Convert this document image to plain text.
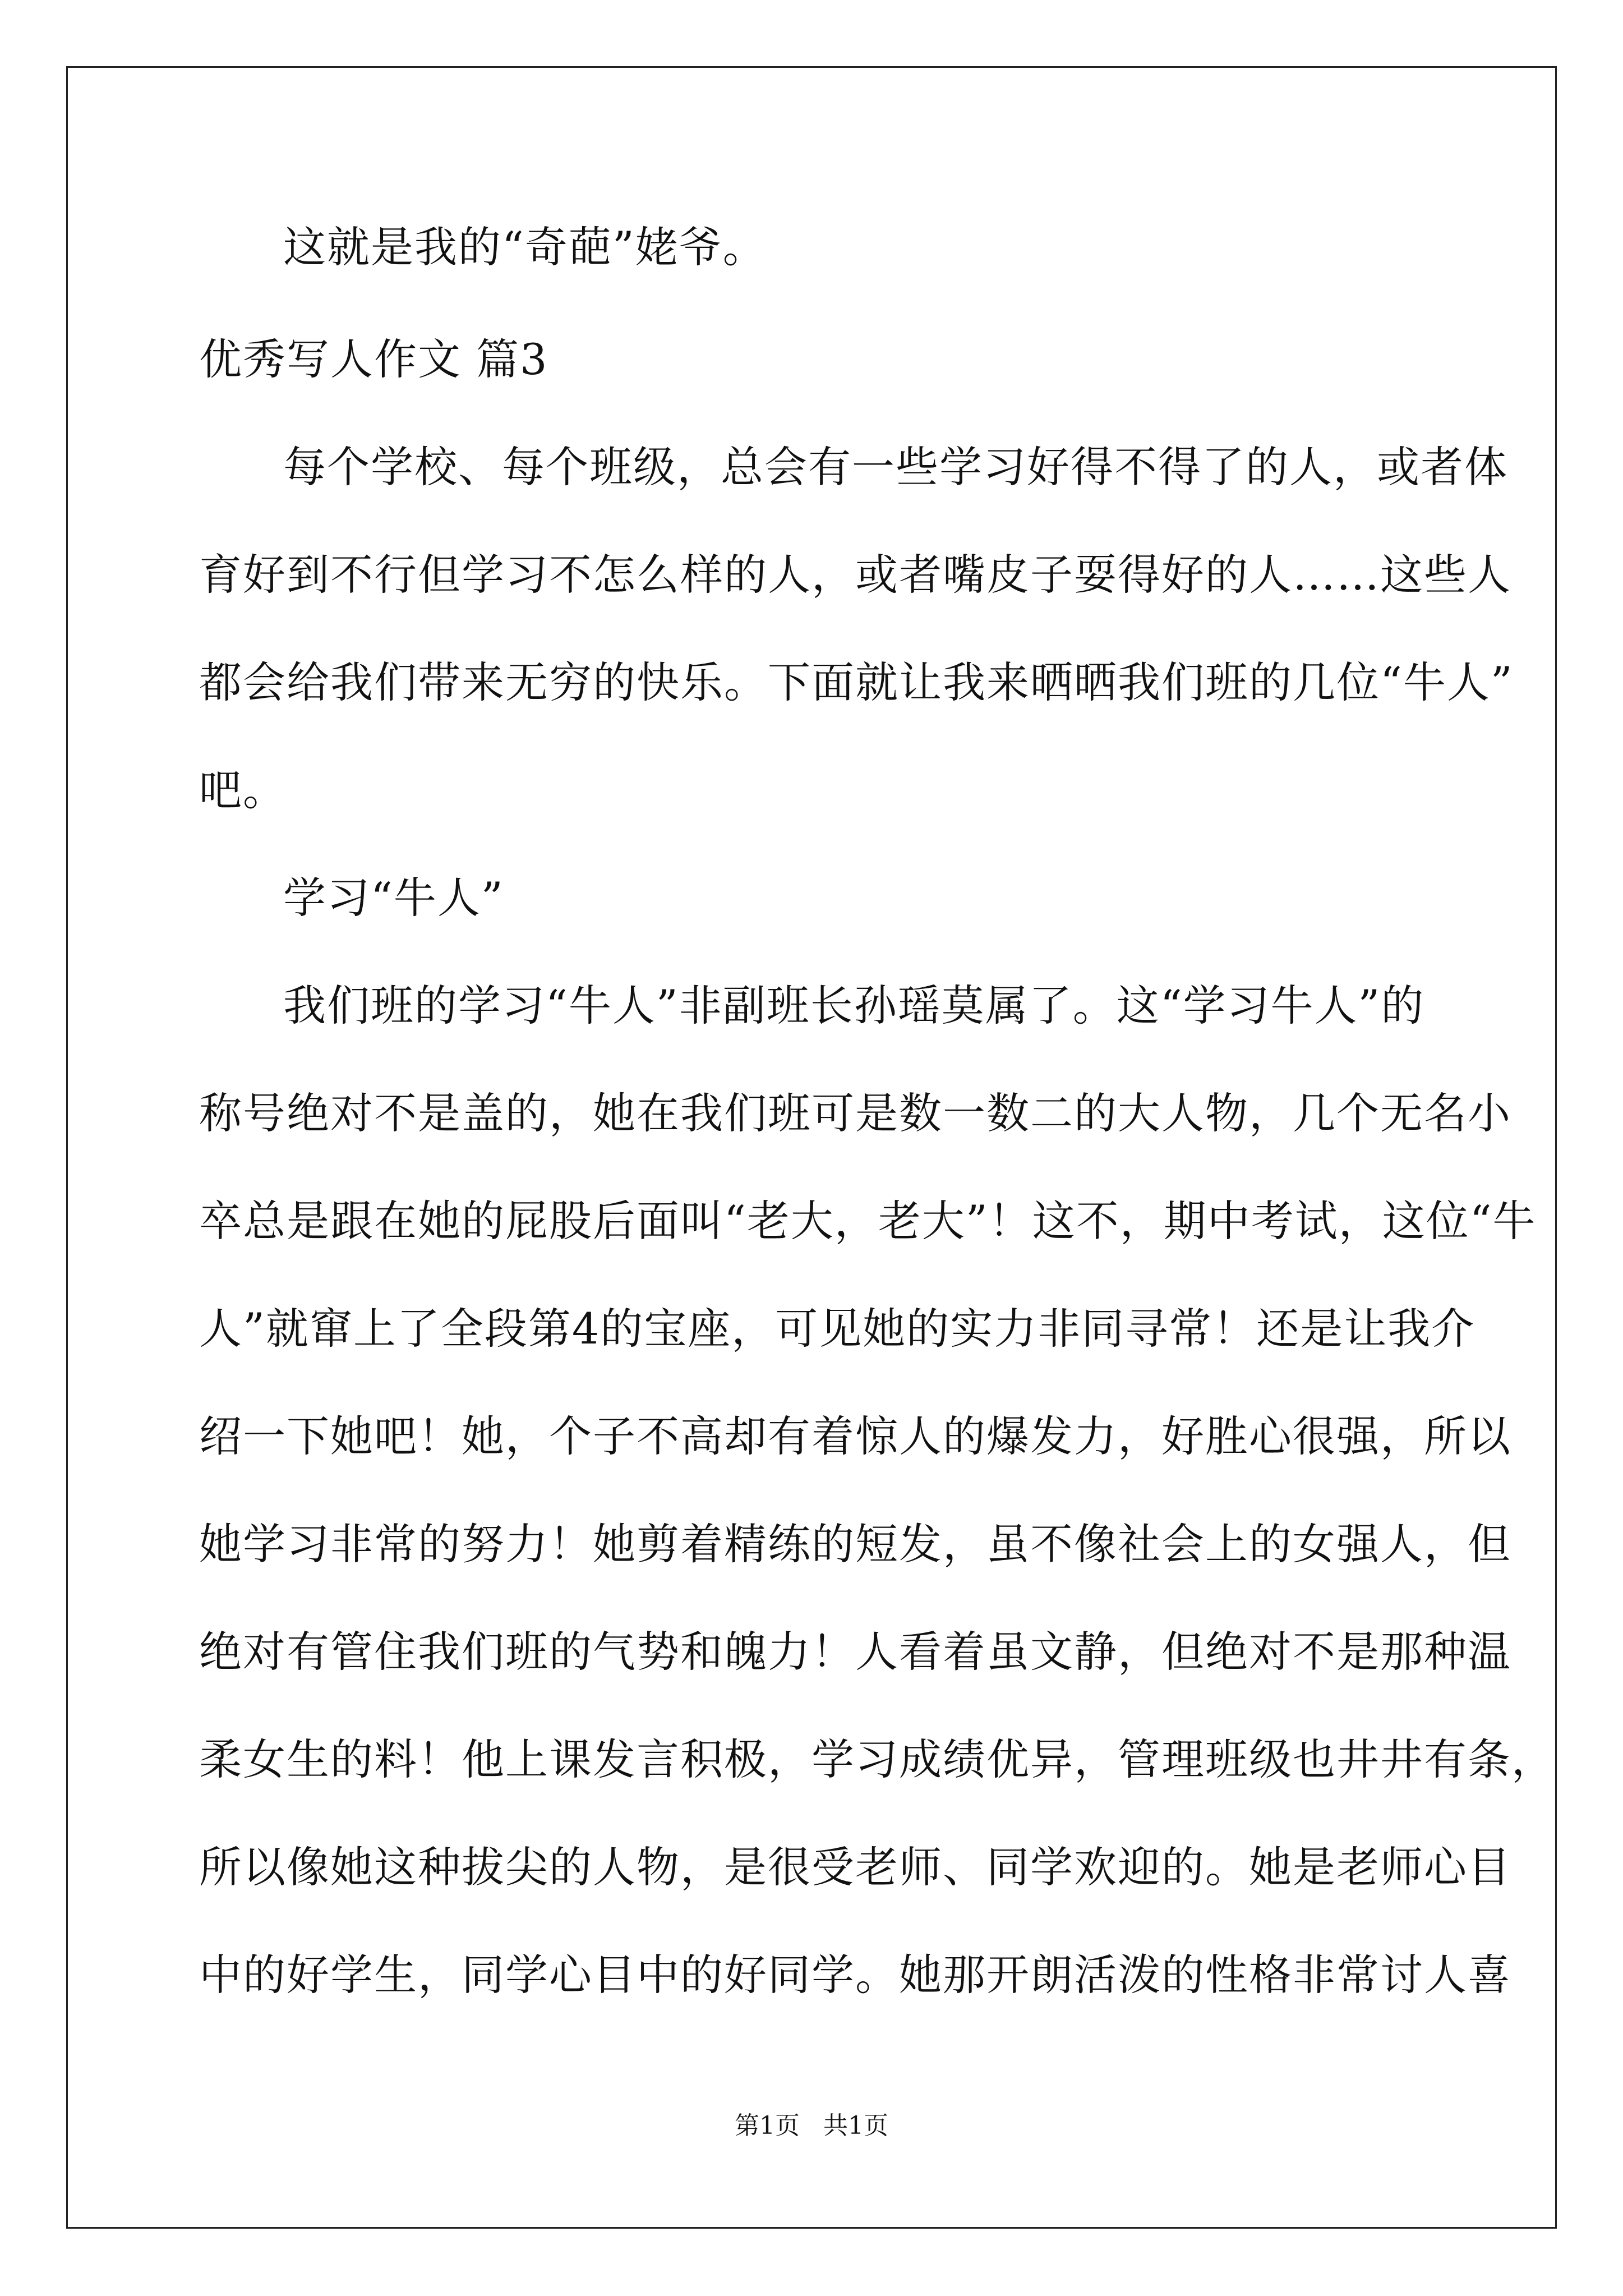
这就是我的“奇葩”姥爷。
优秀写人作文 篇3
每个学校、每个班级，总会有一些学习好得不得了的人，或者体
育好到不行但学习不怎么样的人，或者嘴皮子耍得好的人……这些人
都会给我们带来无穷的快乐。下面就让我来晒晒我们班的几位“牛人”
吧。
学习“牛人”
我们班的学习“牛人”非副班长孙瑶莫属了。这“学习牛人”的
称号绝对不是盖的，她在我们班可是数一数二的大人物，几个无名小
卒总是跟在她的屁股后面叫“老大，老大”！这不，期中考试，这位“牛
人”就窜上了全段第4的宝座，可见她的实力非同寻常！还是让我介
绍一下她吧！她，个子不高却有着惊人的爆发力，好胜心很强，所以
她学习非常的努力！她剪着精练的短发，虽不像社会上的女强人，但
绝对有管住我们班的气势和魄力！人看着虽文静，但绝对不是那种温
柔女生的料！他上课发言积极，学习成绩优异，管理班级也井井有条，
所以像她这种拔尖的人物，是很受老师、同学欢迎的。她是老师心目
中的好学生，同学心目中的好同学。她那开朗活泼的性格非常讨人喜
第1页   共1页
